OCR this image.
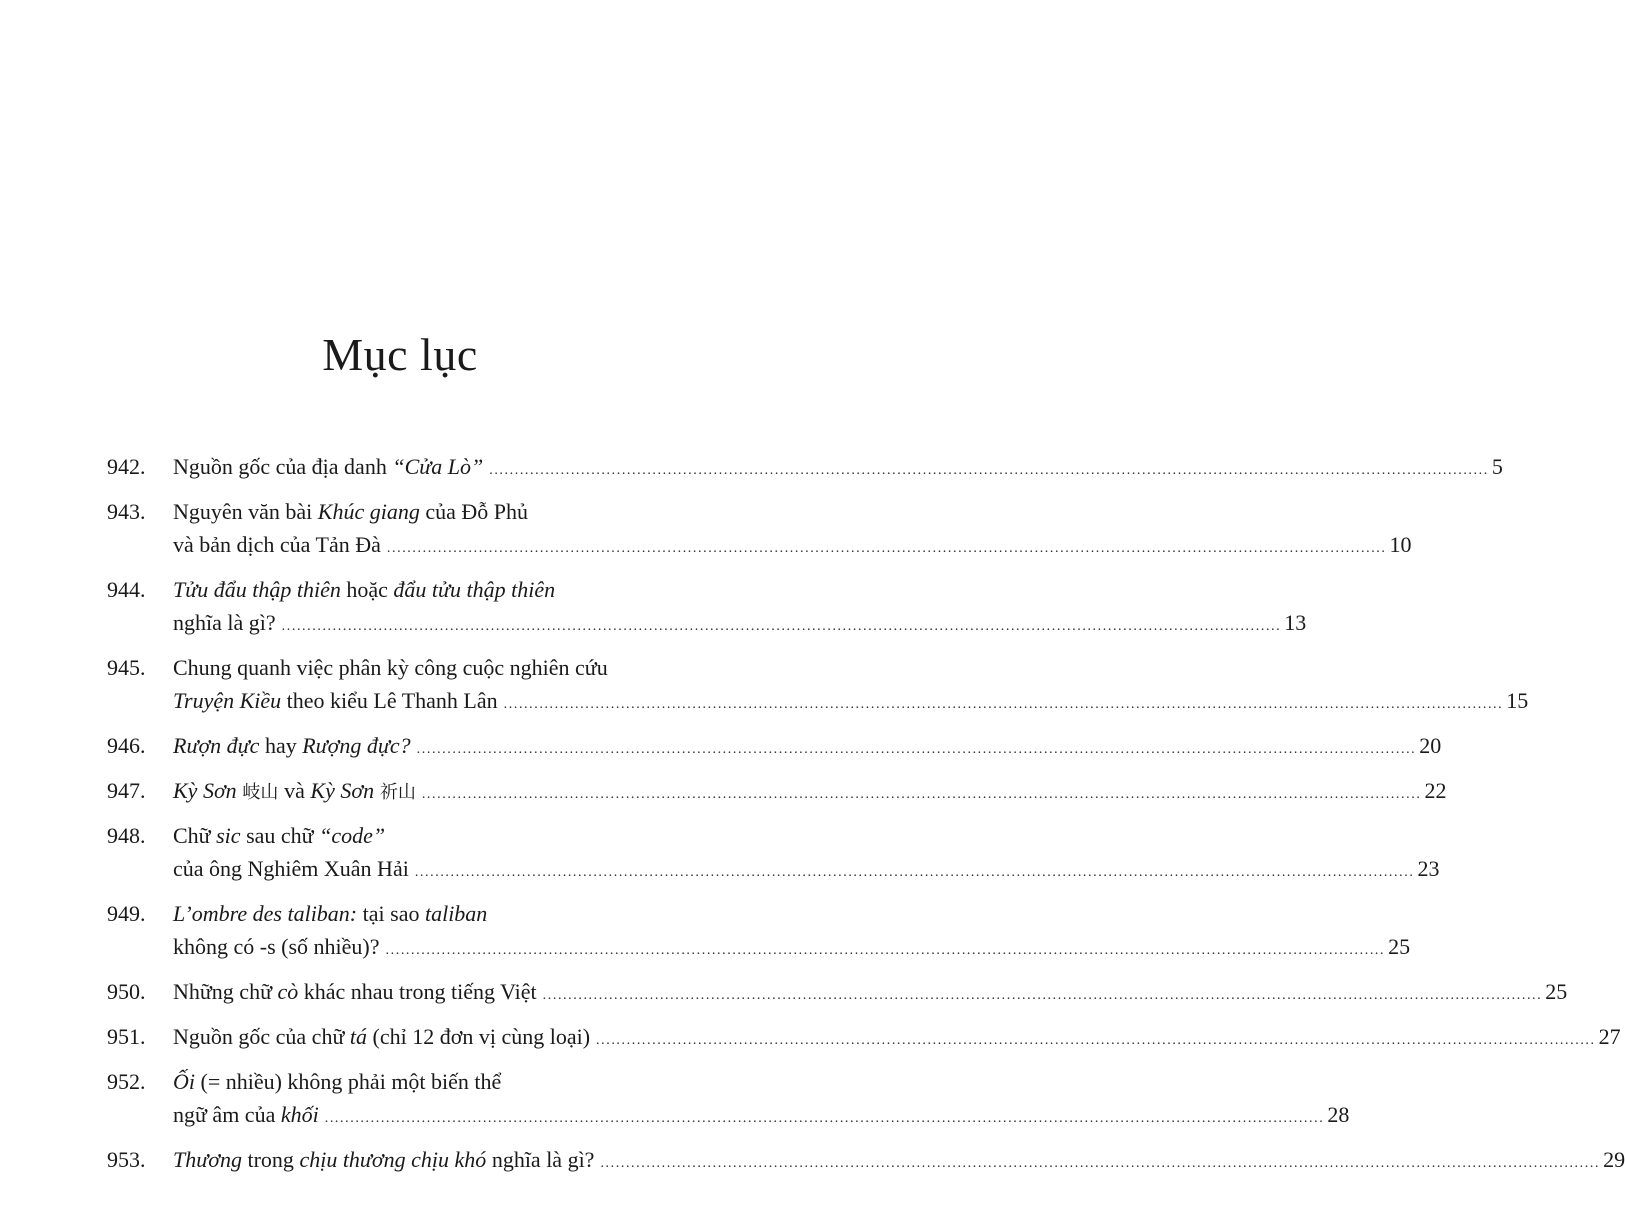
Mục lục
942.	Nguồn gốc của địa danh “Cửa Lò” .....	5
943.	Nguyên văn bài Khúc giang của Đỗ Phủ
và bản dịch của Tản Đà .....	10
944.	Tửu đẩu thập thiên hoặc đẩu tửu thập thiên
nghĩa là gì? .....	13
945.	Chung quanh việc phân kỳ công cuộc nghiên cứu
Truyện Kiều theo kiểu Lê Thanh Lân .....	15
946.	Rượn đực hay Rượng đực? .....	20
947.	Kỳ Sơn 岐山 và Kỳ Sơn 祈山 .....	22
948.	Chữ sic sau chữ “code”
của ông Nghiêm Xuân Hải .....	23
949.	L’ombre des taliban: tại sao taliban
không có -s (số nhiều)? .....	25
950.	Những chữ cò khác nhau trong tiếng Việt .....	25
951.	Nguồn gốc của chữ tá (chỉ 12 đơn vị cùng loại) .....	27
952.	Ối (= nhiều) không phải một biến thể
ngữ âm của khối .....	28
953.	Thương trong chịu thương chịu khó nghĩa là gì? .....	29
